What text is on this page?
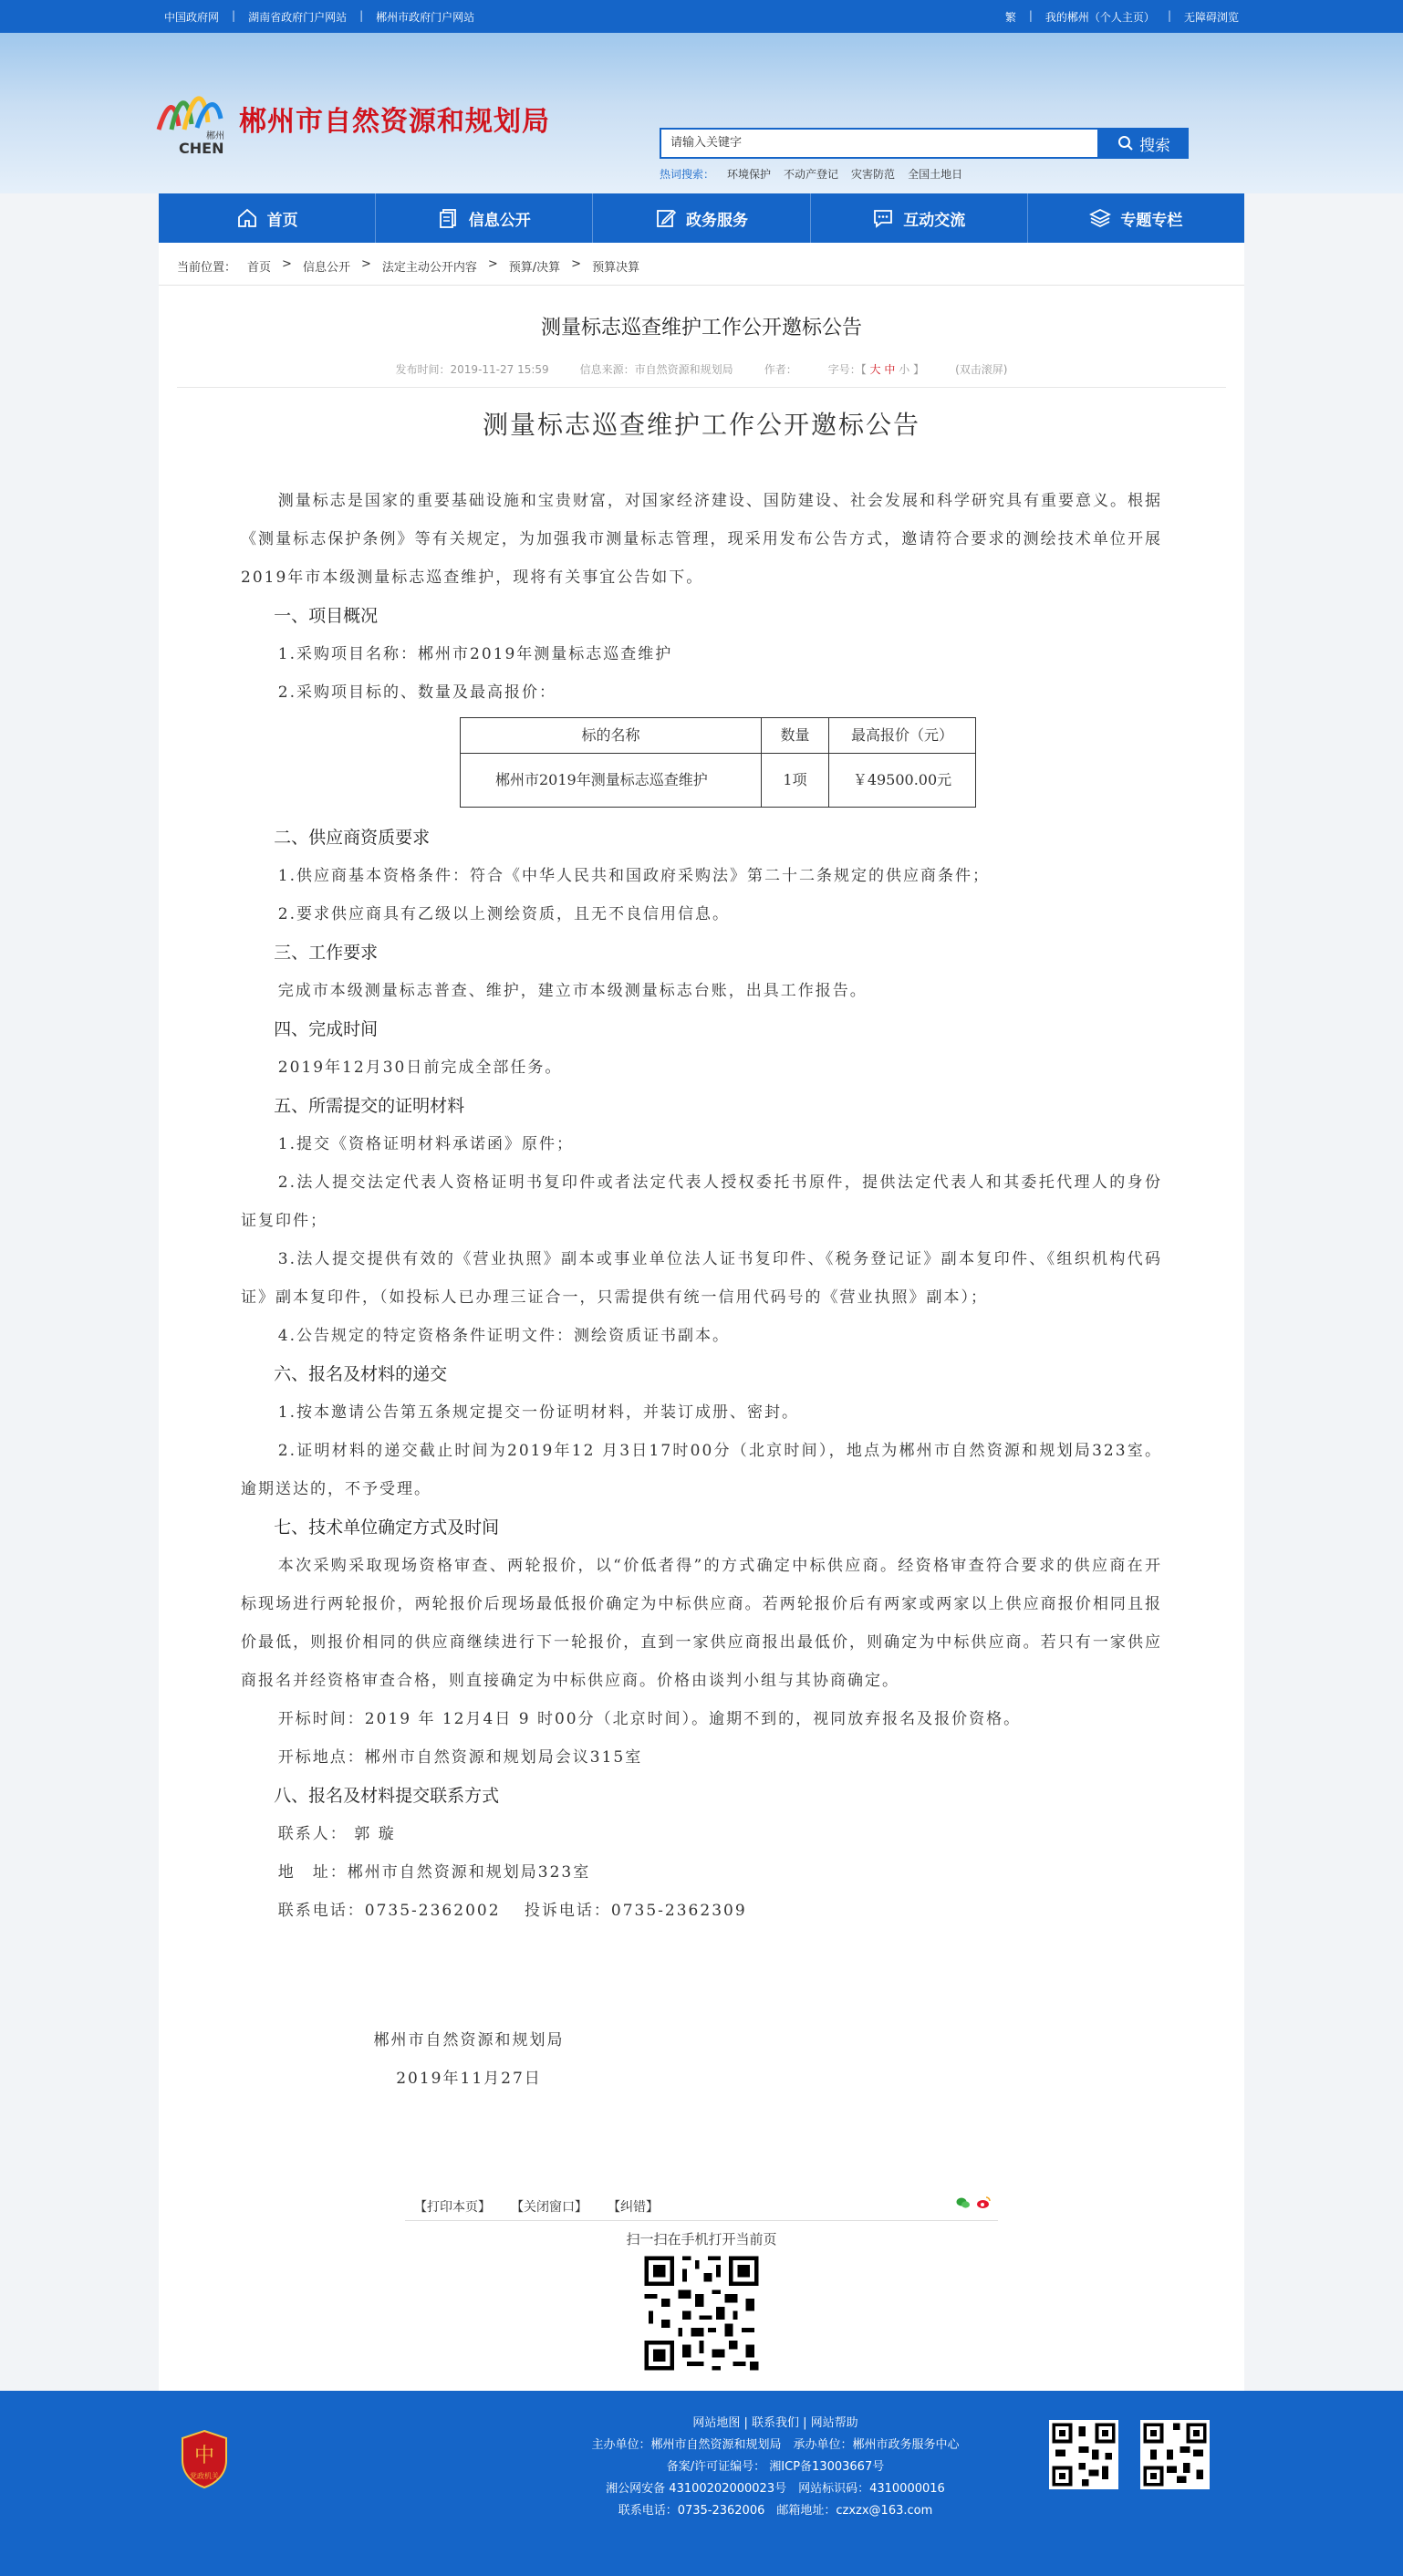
中国政府网 | 湖南省政府门户网站 | 郴州市政府门户网站	繁 | 我的郴州（个人主页） | 无障碍浏览
郴州
CHEN
郴州市自然资源和规划局
请输入关键字	搜索
热词搜索： 环境保护 不动产登记 灾害防范 全国土地日
首页	信息公开	政务服务	互动交流	专题专栏
当前位置： 首页 > 信息公开 > 法定主动公开内容 > 预算/决算 > 预算决算
测量标志巡查维护工作公开邀标公告
发布时间：2019-11-27 15:59	信息来源：市自然资源和规划局	作者：	字号：【 大 中 小 】	(双击滚屏)
测量标志巡查维护工作公开邀标公告

测量标志是国家的重要基础设施和宝贵财富，对国家经济建设、国防建设、社会发展和科学研究具有重要意义。根据《测量标志保护条例》等有关规定，为加强我市测量标志管理，现采用发布公告方式，邀请符合要求的测绘技术单位开展2019年市本级测量标志巡查维护，现将有关事宜公告如下。

一、项目概况

1.采购项目名称：郴州市2019年测量标志巡查维护

2.采购项目标的、数量及最高报价：

标的名称	数量	最高报价（元）
郴州市2019年测量标志巡查维护	1项	￥49500.00元

二、供应商资质要求

1.供应商基本资格条件：符合《中华人民共和国政府采购法》第二十二条规定的供应商条件；

2.要求供应商具有乙级以上测绘资质，且无不良信用信息。

三、工作要求

完成市本级测量标志普查、维护，建立市本级测量标志台账，出具工作报告。

四、完成时间

2019年12月30日前完成全部任务。

五、所需提交的证明材料

1.提交《资格证明材料承诺函》原件；

2.法人提交法定代表人资格证明书复印件或者法定代表人授权委托书原件，提供法定代表人和其委托代理人的身份证复印件；

3.法人提交提供有效的《营业执照》副本或事业单位法人证书复印件、《税务登记证》副本复印件、《组织机构代码证》副本复印件，（如投标人已办理三证合一，只需提供有统一信用代码号的《营业执照》副本）；

4.公告规定的特定资格条件证明文件：测绘资质证书副本。

六、报名及材料的递交

1.按本邀请公告第五条规定提交一份证明材料，并装订成册、密封。

2.证明材料的递交截止时间为2019年12 月3日17时00分（北京时间），地点为郴州市自然资源和规划局323室。逾期送达的，不予受理。

七、技术单位确定方式及时间

本次采购采取现场资格审查、两轮报价，以“价低者得”的方式确定中标供应商。经资格审查符合要求的供应商在开标现场进行两轮报价，两轮报价后现场最低报价确定为中标供应商。若两轮报价后有两家或两家以上供应商报价相同且报价最低，则报价相同的供应商继续进行下一轮报价，直到一家供应商报出最低价，则确定为中标供应商。若只有一家供应商报名并经资格审查合格，则直接确定为中标供应商。价格由谈判小组与其协商确定。

开标时间：2019 年 12月4日 9 时00分（北京时间）。逾期不到的，视同放弃报名及报价资格。

开标地点：郴州市自然资源和规划局会议315室

八、报名及材料提交联系方式

联系人： 郭 璇

地　址：郴州市自然资源和规划局323室

联系电话：0735-2362002　 投诉电话：0735-2362309

郴州市自然资源和规划局
2019年11月27日
【打印本页】 【关闭窗口】 【纠错】
扫一扫在手机打开当前页
中
党政机关
网站地图 | 联系我们 | 网站帮助
主办单位：郴州市自然资源和规划局　承办单位：郴州市政务服务中心
备案/许可证编号： 湘ICP备13003667号
湘公网安备 43100202000023号　网站标识码：4310000016
联系电话：0735-2362006　邮箱地址：czxzx@163.com
